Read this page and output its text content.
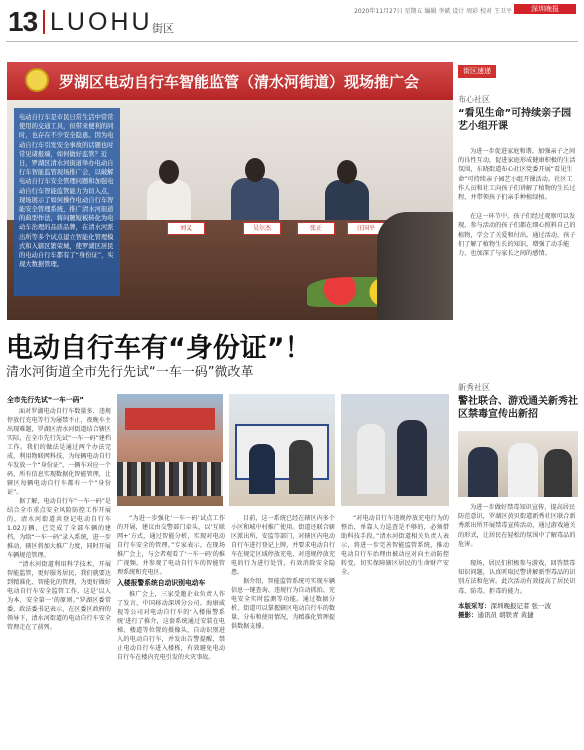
13 LUOHU 街区
2020年11月27日 星期五 编辑 李斌 设计 周彩 校对 王卫平	深圳晚报
罗湖区电动自行车智能监管（清水河街道）现场推广会
刘义	吴尔杰	张正	汪国平
电动自行车是市民日常生活中常常使用的交通工具，但带来便利的同时，也存在不少安全隐患。因为电动自行车引发安全事故的话题也时常见诸报端，如何做好监管？近日，罗湖区清水河街道举办电动自行车智能监管现场推广会，以破解电动自行车安全管理问题和加强电动自行车智能监管能力为切入点，现场展示了如何操作电动自行车智能安全管理系统，推广清水河街道的典型作法，将问题短板转化为电动车治理的品质品牌，在清水河派出所等多个试点建立智能化管理模式和入辖区繁荣城，使罗湖区居民的电动自行车都有了“身份证”，实现大数据管理。
电动自行车有“身份证”！
清水河街道全市先行先试“一车一码”微改革
全市先行先试“一车一码”

面对罗湖电动自行车数量多、违规停放行充电等行为屡禁不止，夜晚车主出现难题，罗湖区清水河街道结合辖区实际，在全市先行先试“一车一码”建档工作。我们的做法是通过两个办法完成，利用物联网科技，为每辆电动自行车发放一个“身份证”，一辆车对应一个码，所有信息实现数据化智能管理，让辖区每辆电动自行车都有一个“身份证”。

据了解，电动自行车“一车一码”是结合全市重点安全风险防控工作开展的，清水河街道共登记电动自行车1.02万辆，已完成了全部车辆的建档。为给“一车一码”录入系统，进一步推动，辖区将加大推广力度，同时开展车辆规范管理。

“清水河街道利用科学技术，开展智能监管，更好服务居民，我们就要达到精准化、智能化的管理，为更好做好电动自行车安全监管工作，这是‘以人为本，安全第一’的原则。”罗湖区委常委、政法委书记表示，在区委区政府的领导下，清水河街道的电动自行车安全管理走在了前列。

“为进一步强化‘一车一码’试点工作的开展，建议由交警部门牵头，以‘互联网+’方式，通过智能分析，实现对电动自行车安全的管理。”专家表示，在现场推广会上，与会者观看了‘一车一码’的推广视频，并参观了电动自行车的智能管理系统和充电区。

入楼报警系统自动识别电动车

推广会上，三家受邀企业负责人作了发言，中国移动深圳分公司、海康威视等公司对电动自行车的‘入楼报警系统’进行了推介，这套系统通过安装在电梯、楼道等位置的摄像头，自动识别进入的电动自行车，并发出告警提醒，禁止电动自行车进入楼栋，有效避免电动自行车在楼内充电引发的火灾事故。

目前，这一系统已经在辖区内多个小区和城中村推广使用。街道还联合辖区派出所、安监等部门，对辖区内电动自行车进行登记上牌，并要求电动自行车在规定区域停放充电，对违规停放充电的行为进行处罚，有效消除安全隐患。

据介绍，智能监管系统可实现车辆信息一键查询、违规行为自动抓拍、充电安全实时监测等功能。通过数据分析，街道可以掌握辖区电动自行车的数量、分布和使用情况，为精准化管理提供数据支撑。

“对电动自行车违规停放充电行为的整治，单靠人力巡查是不够的，必须借助科技手段。”清水河街道相关负责人表示，将进一步完善智能监管系统，推动电动自行车治理由被动应对向主动防控转变，切实保障辖区居民的生命财产安全。

街区速递
布心社区
“看见生命”可持续亲子园艺小组开课
为进一步促进家庭和谐，加强亲子之间的良性互动，促进家庭形成健康积极的生活氛围，东晓街道布心社区党委开展“看见生命”可持续亲子园艺小组开课活动。社区工作人员和社工向孩子们讲解了植物的生长过程，并带领孩子们亲手种植绿植。
在这一环节中，孩子们经过观察可以发现，参与活动的孩子们都在细心照料自己的植物，学会了关爱和付出。通过活动，孩子们了解了植物生长的知识，增强了动手能力，也加深了与家长之间的感情。
新秀社区
警社联合、游戏通关新秀社区禁毒宣传出新招
为进一步做好禁毒知识宣传，提高居民防范意识，罗湖区黄贝街道新秀社区联合新秀派出所开展禁毒宣传活动，通过游戏通关的形式，让居民在轻松的氛围中了解毒品的危害。
现场，居民们积极参与游戏，回答禁毒知识问题，认真听取民警讲解新型毒品的识别方法和危害。此次活动有效提高了居民识毒、防毒、拒毒的能力。
本版采写：深圳晚报记者 张一波
摄影：通讯员 胡铁青 黄捷
